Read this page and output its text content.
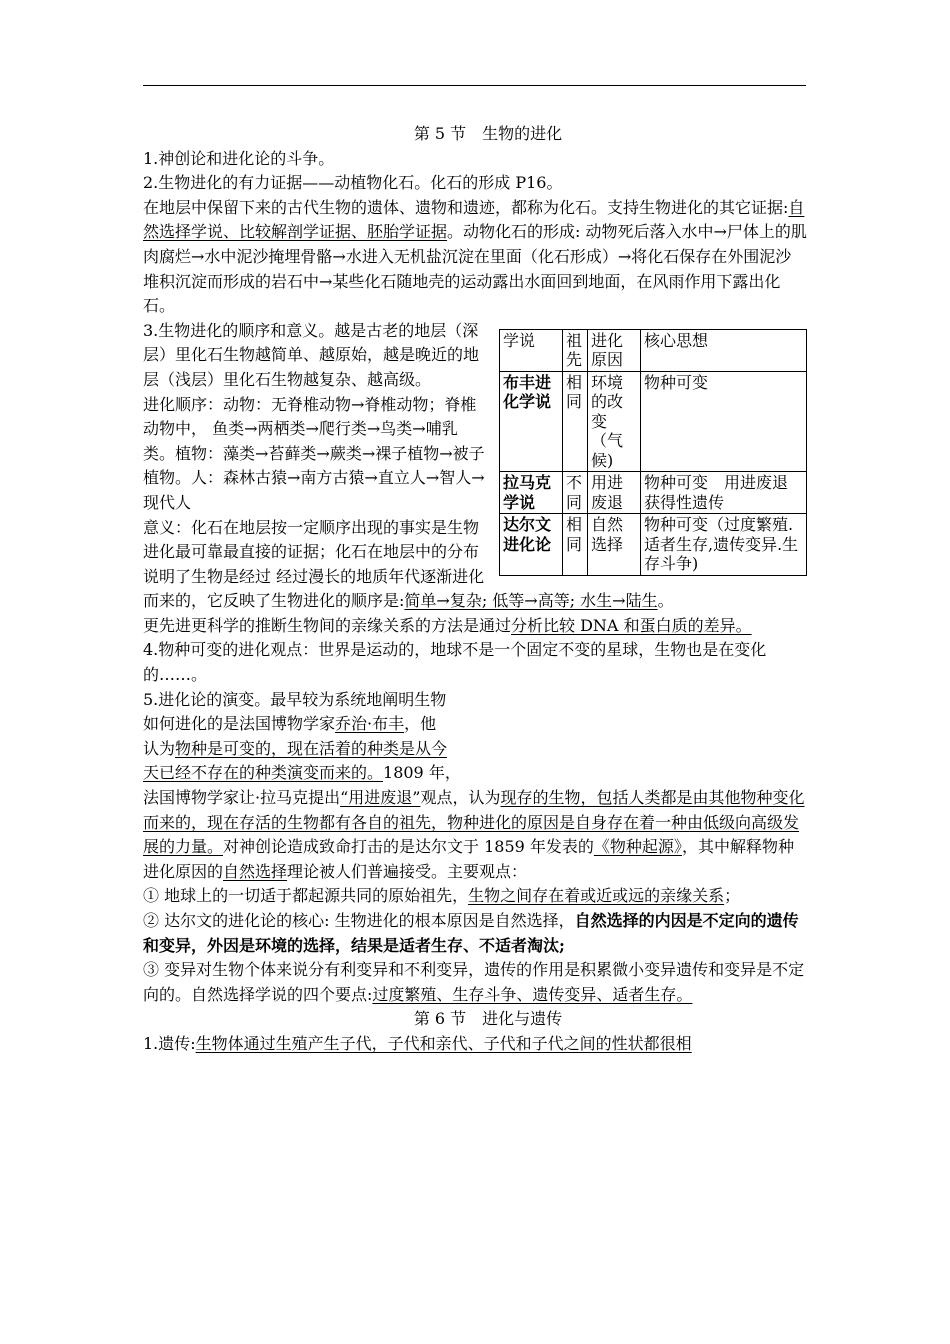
第 5 节　生物的进化
1.神创论和进化论的斗争。
2.生物进化的有力证据——动植物化石。化石的形成 P16。
在地层中保留下来的古代生物的遗体、遗物和遗迹，都称为化石。支持生物进化的其它证据:自然选择学说、比较解剖学证据、胚胎学证据。动物化石的形成: 动物死后落入水中→尸体上的肌肉腐烂→水中泥沙掩埋骨骼→水进入无机盐沉淀在里面（化石形成）→将化石保存在外围泥沙堆积沉淀而形成的岩石中→某些化石随地壳的运动露出水面回到地面，在风雨作用下露出化石。
学说	祖先	进化原因	核心思想
布丰进化学说	相同	环境的改变（气候)	物种可变
拉马克学说	不同	用进废退	物种可变　用进废退　获得性遗传
达尔文进化论	相同	自然选择	物种可变（过度繁殖.适者生存,遗传变异.生存斗争)
3.生物进化的顺序和意义。越是古老的地层（深层）里化石生物越简单、越原始，越是晚近的地层（浅层）里化石生物越复杂、越高级。
进化顺序：动物：无脊椎动物→脊椎动物；脊椎动物中， 鱼类→两栖类→爬行类→鸟类→哺乳类。植物：藻类→苔藓类→蕨类→裸子植物→被子植物。人：森林古猿→南方古猿→直立人→智人→现代人
意义：化石在地层按一定顺序出现的事实是生物进化最可靠最直接的证据；化石在地层中的分布说明了生物是经过 经过漫长的地质年代逐渐进化而来的，它反映了生物进化的顺序是:简单→复杂; 低等→高等; 水生→陆生。
更先进更科学的推断生物间的亲缘关系的方法是通过分析比较 DNA 和蛋白质的差异。
4.物种可变的进化观点：世界是运动的，地球不是一个固定不变的星球，生物也是在变化的……。
5.进化论的演变。最早较为系统地阐明生物
如何进化的是法国博物学家乔治·布丰，他
认为物种是可变的，现在活着的种类是从今
天已经不存在的种类演变而来的。1809 年，
法国博物学家让·拉马克提出“用进废退”观点，认为现存的生物，包括人类都是由其他物种变化而来的，现在存活的生物都有各自的祖先，物种进化的原因是自身存在着一种由低级向高级发展的力量。对神创论造成致命打击的是达尔文于 1859 年发表的《物种起源》，其中解释物种进化原因的自然选择理论被人们普遍接受。主要观点：
① 地球上的一切适于都起源共同的原始祖先，生物之间存在着或近或远的亲缘关系；
② 达尔文的进化论的核心: 生物进化的根本原因是自然选择，自然选择的内因是不定向的遗传和变异，外因是环境的选择，结果是适者生存、不适者淘汰;
③ 变异对生物个体来说分有利变异和不利变异，遗传的作用是积累微小变异遗传和变异是不定向的。自然选择学说的四个要点:过度繁殖、生存斗争、遗传变异、适者生存。
第 6 节　进化与遗传
1.遗传:生物体通过生殖产生子代，子代和亲代、子代和子代之间的性状都很相
